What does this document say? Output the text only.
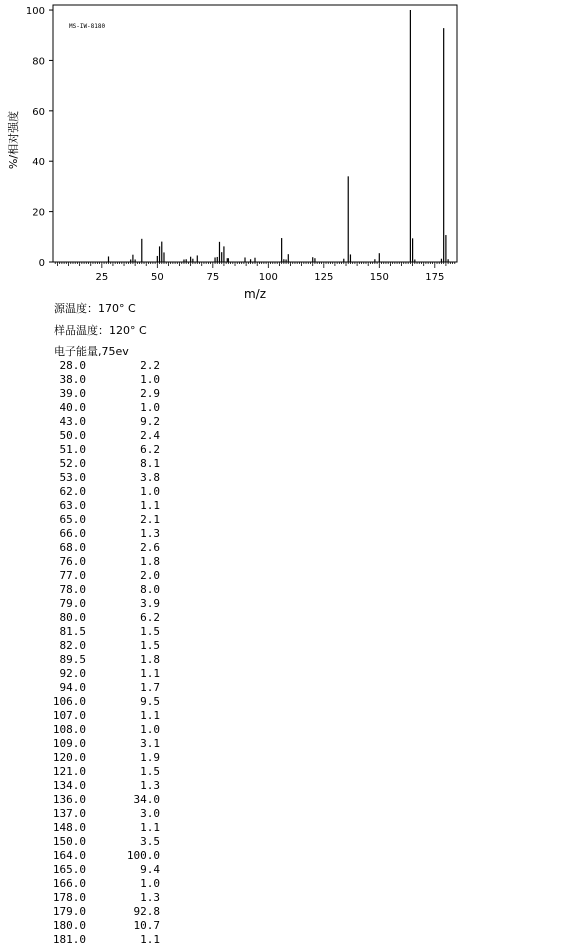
MS-IW-8180
m/z
%/相对强度
0
20
40
60
80
100
25	50	75	100	125	150	175
源温度：170° C
样品温度：120° C
电子能量,75ev
28.0	2.2
38.0	1.0
39.0	2.9
40.0	1.0
43.0	9.2
50.0	2.4
51.0	6.2
52.0	8.1
53.0	3.8
62.0	1.0
63.0	1.1
65.0	2.1
66.0	1.3
68.0	2.6
76.0	1.8
77.0	2.0
78.0	8.0
79.0	3.9
80.0	6.2
81.5	1.5
82.0	1.5
89.5	1.8
92.0	1.1
94.0	1.7
106.0	9.5
107.0	1.1
108.0	1.0
109.0	3.1
120.0	1.9
121.0	1.5
134.0	1.3
136.0	34.0
137.0	3.0
148.0	1.1
150.0	3.5
164.0	100.0
165.0	9.4
166.0	1.0
178.0	1.3
179.0	92.8
180.0	10.7
181.0	1.1
